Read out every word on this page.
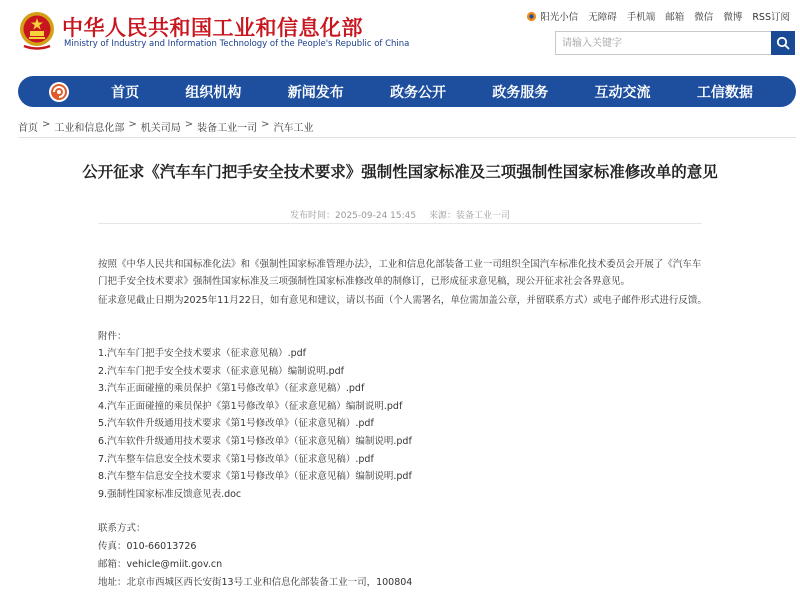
中华人民共和国工业和信息化部
Ministry of Industry and Information Technology of the People's Republic of China
阳光小信 无障碍 手机端 邮箱 微信 微博 RSS订阅
请输入关键字
首页	组织机构	新闻发布	政务公开	政务服务	互动交流	工信数据
首页 > 工业和信息化部 > 机关司局 > 装备工业一司 > 汽车工业
公开征求《汽车车门把手安全技术要求》强制性国家标准及三项强制性国家标准修改单的意见
发布时间：2025-09-24 15:45 来源：装备工业一司
按照《中华人民共和国标准化法》和《强制性国家标准管理办法》，工业和信息化部装备工业一司组织全国汽车标准化技术委员会开展了《汽车车门把手安全技术要求》强制性国家标准及三项强制性国家标准修改单的制修订，已形成征求意见稿，现公开征求社会各界意见。
征求意见截止日期为2025年11月22日，如有意见和建议，请以书面（个人需署名，单位需加盖公章，并留联系方式）或电子邮件形式进行反馈。
附件：
1.汽车车门把手安全技术要求（征求意见稿）.pdf
2.汽车车门把手安全技术要求（征求意见稿）编制说明.pdf
3.汽车正面碰撞的乘员保护《第1号修改单》（征求意见稿）.pdf
4.汽车正面碰撞的乘员保护《第1号修改单》（征求意见稿）编制说明.pdf
5.汽车软件升级通用技术要求《第1号修改单》（征求意见稿）.pdf
6.汽车软件升级通用技术要求《第1号修改单》（征求意见稿）编制说明.pdf
7.汽车整车信息安全技术要求《第1号修改单》（征求意见稿）.pdf
8.汽车整车信息安全技术要求《第1号修改单》（征求意见稿）编制说明.pdf
9.强制性国家标准反馈意见表.doc
联系方式：
传真：010-66013726
邮箱：vehicle@miit.gov.cn
地址：北京市西城区西长安街13号工业和信息化部装备工业一司，100804
